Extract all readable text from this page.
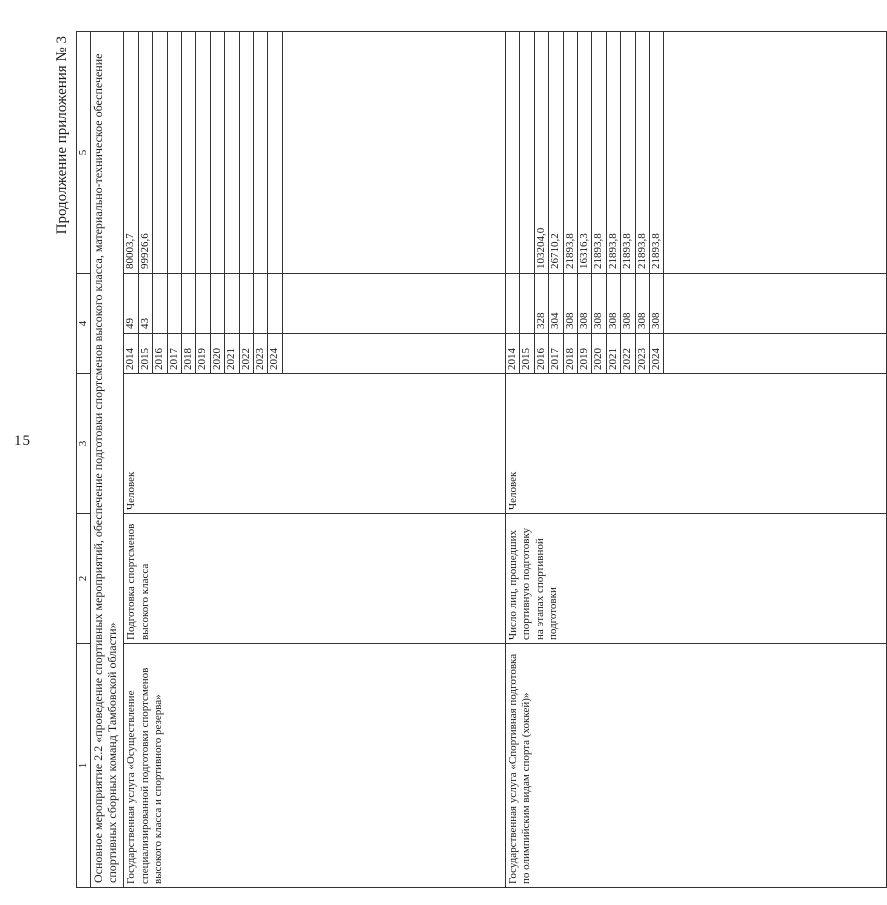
15
Продолжение приложения № 3
1	2	3	4		5
Основное мероприятие 2.2 «проведение спортивных мероприятий, обеспечение подготовки спортсменов высокого класса, материально-техническое обеспечение спортивных сборных команд Тамбовской области»					
Государственная услуга «Осуществление специализированной подготовки спортсменов высокого класса и спортивного резерва»	Подготовка спортсменов высокого класса	Человек	2014	49	80003,7
			2015	43	99926,6
			2016		
			2017		
			2018		
			2019		
			2020		
			2021		
			2022		
			2023		
			2024		

Государственная услуга «Спортивная подготовка по олимпийским видам спорта (хоккей)»	Число лиц, прошедших спортивную подготовку на этапах спортивной подготовки	Человек	2014		
			2015		
			2016	328	103204,0
			2017	304	26710,2
			2018	308	21893,8
			2019	308	16316,3
			2020	308	21893,8
			2021	308	21893,8
			2022	308	21893,8
			2023	308	21893,8
			2024	308	21893,8
